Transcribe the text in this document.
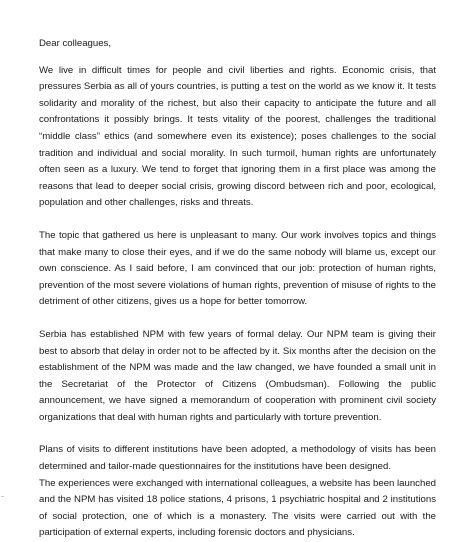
Dear colleagues,

We live in difficult times for people and civil liberties and rights. Economic crisis, that pressures Serbia as all of yours countries, is putting a test on the world as we know it. It tests solidarity and morality of the richest, but also their capacity to anticipate the future and all confrontations it possibly brings. It tests vitality of the poorest, challenges the traditional “middle class” ethics (and somewhere even its existence); poses challenges to the social tradition and individual and social morality. In such turmoil, human rights are unfortunately often seen as a luxury. We tend to forget that ignoring them in a first place was among the reasons that lead to deeper social crisis, growing discord between rich and poor, ecological, population and other challenges, risks and threats.

The topic that gathered us here is unpleasant to many. Our work involves topics and things that make many to close their eyes, and if we do the same nobody will blame us, except our own conscience. As I said before, I am convinced that our job: protection of human rights, prevention of the most severe violations of human rights, prevention of misuse of rights to the detriment of other citizens, gives us a hope for better tomorrow.

Serbia has established NPM with few years of formal delay. Our NPM team is giving their best to absorb that delay in order not to be affected by it. Six months after the decision on the establishment of the NPM was made and the law changed, we have founded a small unit in the Secretariat of the Protector of Citizens (Ombudsman). Following the public announcement, we have signed a memorandum of cooperation with prominent civil society organizations that deal with human rights and particularly with torture prevention.

Plans of visits to different institutions have been adopted, a methodology of visits has been determined and tailor-made questionnaires for the institutions have been designed.

The experiences were exchanged with international colleagues, a website has been launched and the NPM has visited 18 police stations, 4 prisons, 1 psychiatric hospital and 2 institutions of social protection, one of which is a monastery. The visits were carried out with the participation of external experts, including forensic doctors and physicians.
